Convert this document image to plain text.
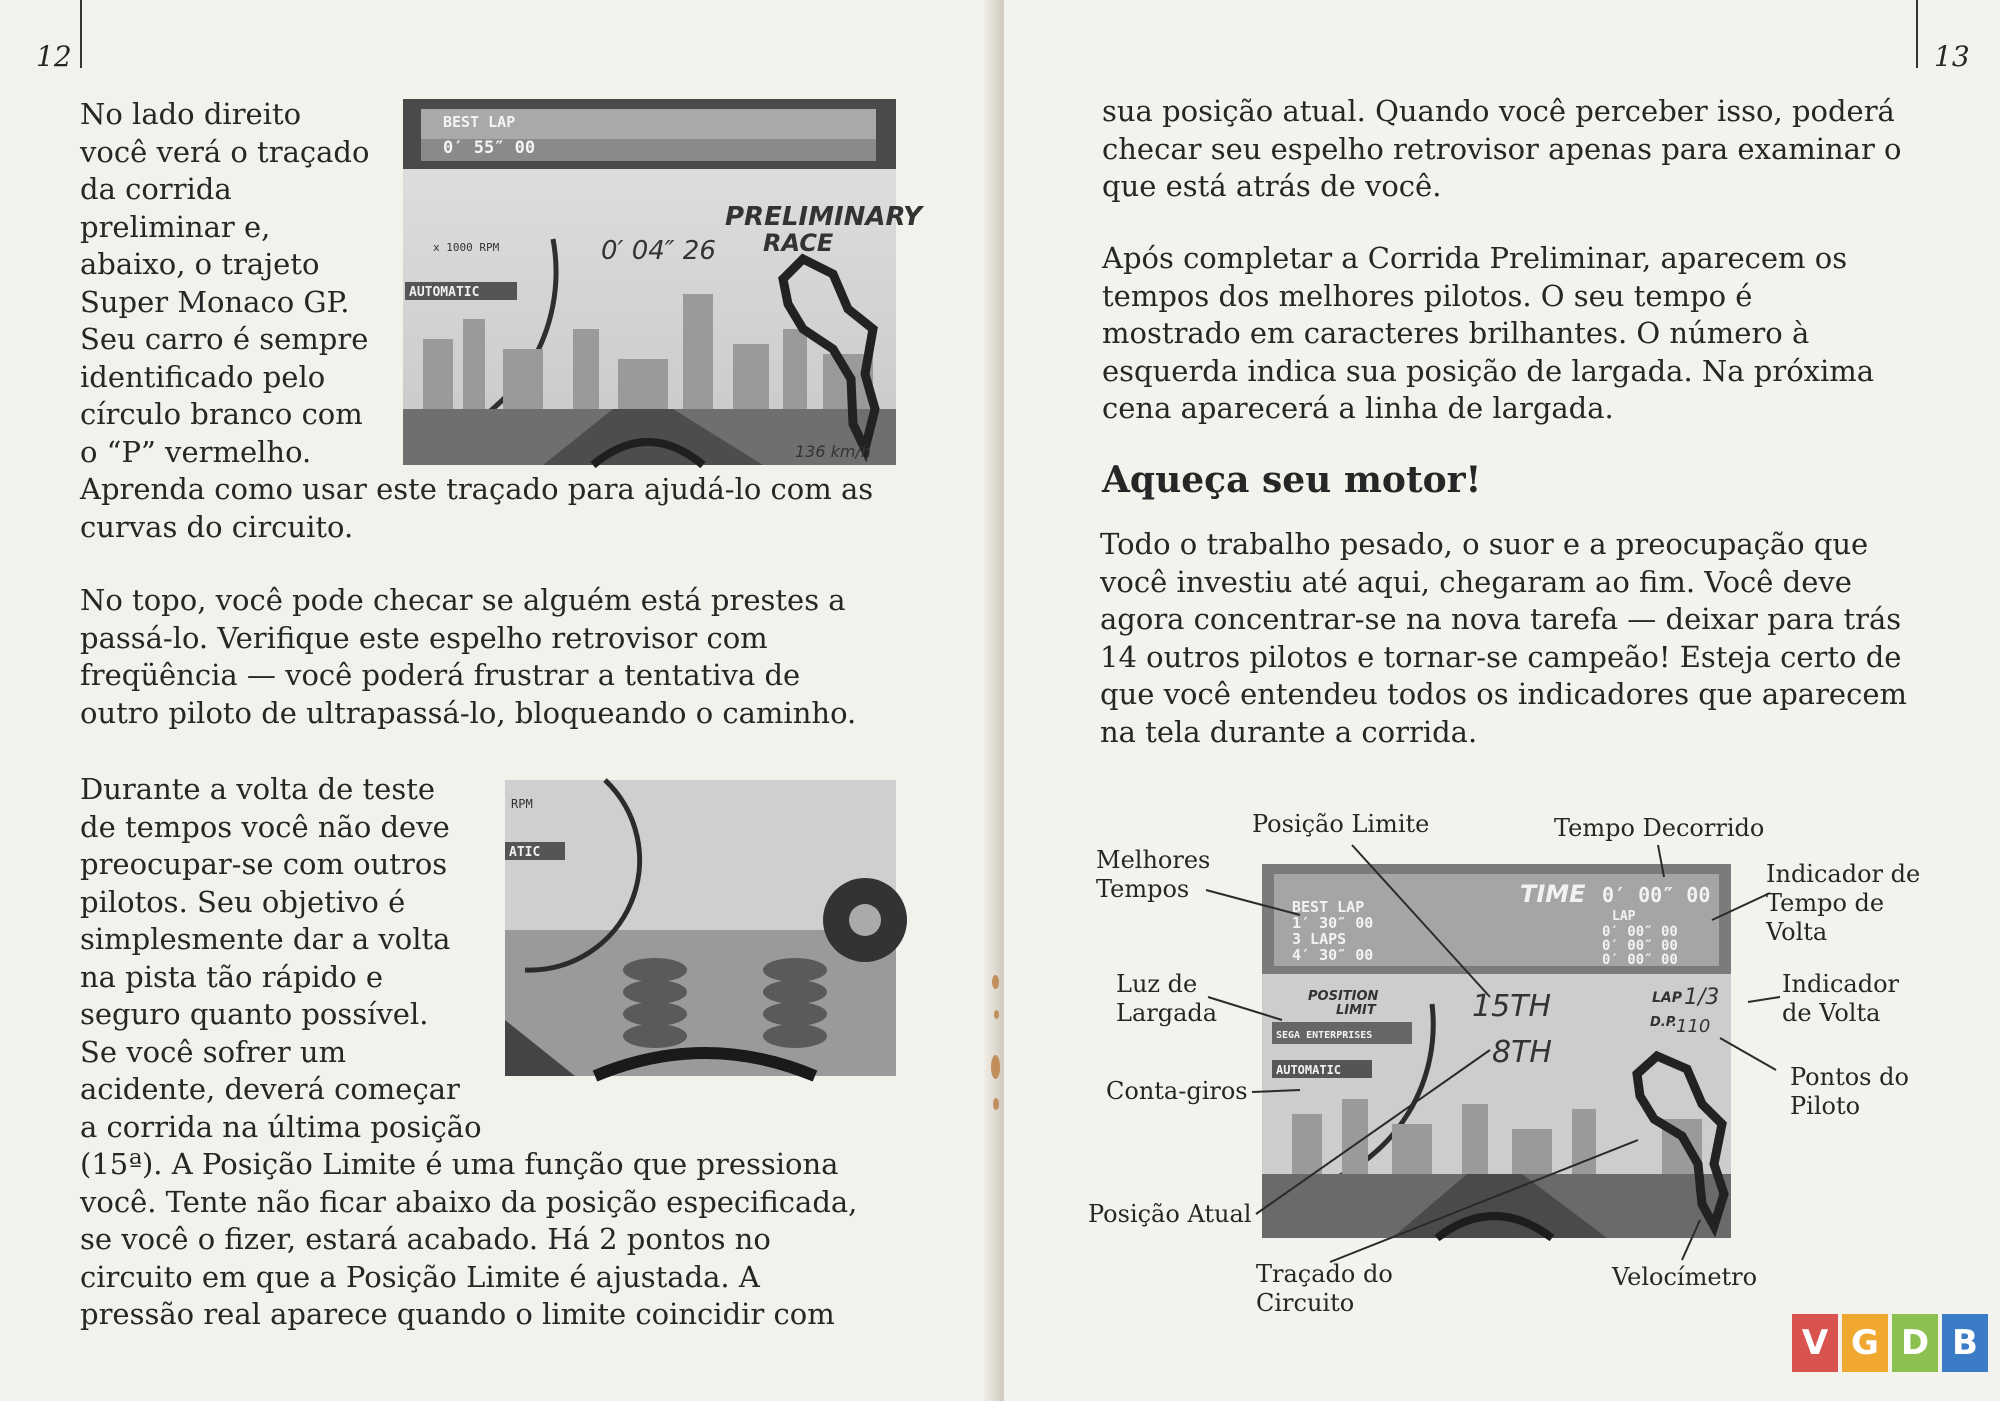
12

No lado direito
você verá o traçado
da corrida
preliminar e,
abaixo, o trajeto
Super Monaco GP.
Seu carro é sempre
identificado pelo
círculo branco com
o “P” vermelho.
Aprenda como usar este traçado para ajudá-lo com as
curvas do circuito.

BEST LAP
0′ 55″ 00
PRELIMINARY
RACE
0′ 04″ 26
x 1000 RPM
AUTOMATIC
136 km/h

No topo, você pode checar se alguém está prestes a
passá-lo. Verifique este espelho retrovisor com
freqüência — você poderá frustrar a tentativa de
outro piloto de ultrapassá-lo, bloqueando o caminho.

RPM
ATIC

Durante a volta de teste
de tempos você não deve
preocupar-se com outros
pilotos. Seu objetivo é
simplesmente dar a volta
na pista tão rápido e
seguro quanto possível.
Se você sofrer um
acidente, deverá começar
a corrida na última posição
(15ª). A Posição Limite é uma função que pressiona
você. Tente não ficar abaixo da posição especificada,
se você o fizer, estará acabado. Há 2 pontos no
circuito em que a Posição Limite é ajustada. A
pressão real aparece quando o limite coincidir com

13

sua posição atual. Quando você perceber isso, poderá
checar seu espelho retrovisor apenas para examinar o
que está atrás de você.

Após completar a Corrida Preliminar, aparecem os
tempos dos melhores pilotos. O seu tempo é
mostrado em caracteres brilhantes. O número à
esquerda indica sua posição de largada. Na próxima
cena aparecerá a linha de largada.

Aqueça seu motor!

Todo o trabalho pesado, o suor e a preocupação que
você investiu até aqui, chegaram ao fim. Você deve
agora concentrar-se na nova tarefa — deixar para trás
14 outros pilotos e tornar-se campeão! Esteja certo de
que você entendeu todos os indicadores que aparecem
na tela durante a corrida.

TIME 0′ 00″ 00
BEST LAP
1′ 30″ 00
3 LAPS
4′ 30″ 00
LAP
0′ 00″ 00
0′ 00″ 00
0′ 00″ 00
POSITION
LIMIT	15TH
8TH
LAP 1/3
D.P. 110
SEGA ENTERPRISES
AUTOMATIC
Posição Limite	Tempo Decorrido
Melhores
Tempos
Indicador de
Tempo de
Volta
Luz de
Largada
Indicador
de Volta
Pontos do
Piloto
Conta-giros
Posição Atual
Traçado do
Circuito
Velocímetro
V G D B
